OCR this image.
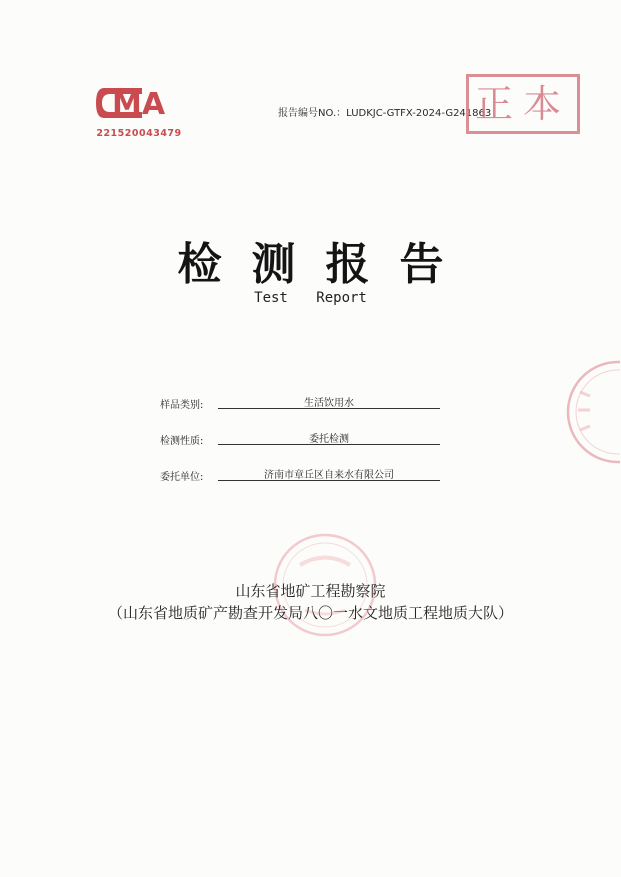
MA
221520043479
报告编号NO.：LUDKJC-GTFX-2024-G241863
正本
检测报告
Test Report
样品类别:	生活饮用水
检测性质:	委托检测
委托单位:	济南市章丘区自来水有限公司
山东省地矿工程勘察院
（山东省地质矿产勘查开发局八〇一水文地质工程地质大队）
